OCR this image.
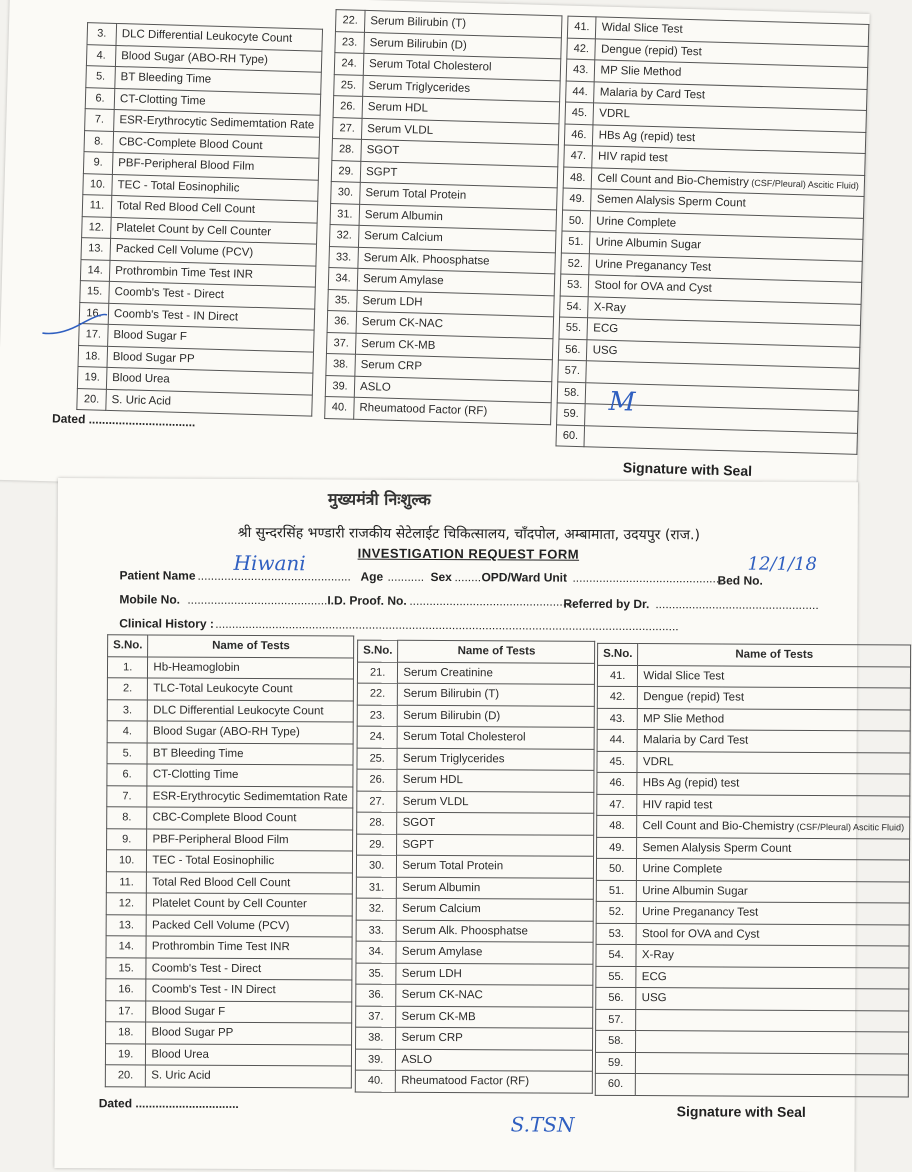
3.	DLC Differential Leukocyte Count
4.	Blood Sugar (ABO-RH Type)
5.	BT Bleeding Time
6.	CT-Clotting Time
7.	ESR-Erythrocytic Sedimemtation Rate
8.	CBC-Complete Blood Count
9.	PBF-Peripheral Blood Film
10.	TEC - Total Eosinophilic
11.	Total Red Blood Cell Count
12.	Platelet Count by Cell Counter
13.	Packed Cell Volume (PCV)
14.	Prothrombin Time Test INR
15.	Coomb's Test - Direct
16.	Coomb's Test - IN Direct
17.	Blood Sugar F
18.	Blood Sugar PP
19.	Blood Urea
20.	S. Uric Acid
22.	Serum Bilirubin (T)
23.	Serum Bilirubin (D)
24.	Serum Total Cholesterol
25.	Serum Triglycerides
26.	Serum HDL
27.	Serum VLDL
28.	SGOT
29.	SGPT
30.	Serum Total Protein
31.	Serum Albumin
32.	Serum Calcium
33.	Serum Alk. Phoosphatse
34.	Serum Amylase
35.	Serum LDH
36.	Serum CK-NAC
37.	Serum CK-MB
38.	Serum CRP
39.	ASLO
40.	Rheumatood Factor (RF)
41.	Widal Slice Test
42.	Dengue (repid) Test
43.	MP Slie Method
44.	Malaria by Card Test
45.	VDRL
46.	HBs Ag (repid) test
47.	HIV rapid test
48.	Cell Count and Bio-Chemistry (CSF/Pleural) Ascitic Fluid)
49.	Semen Alalysis Sperm Count
50.	Urine Complete
51.	Urine Albumin Sugar
52.	Urine Preganancy Test
53.	Stool for OVA and Cyst
54.	X-Ray
55.	ECG
56.	USG
57.	
58.	
59.	
60.	
Dated ................................
Signature with Seal
M
मुख्यमंत्री निःशुल्क
श्री सुन्दरसिंह भण्डारी राजकीय सेटेलाईट चिकित्सालय, चाँदपोल, अम्बामाता, उदयपुर (राज.)
INVESTIGATION REQUEST FORM
Patient Name ..............................................
Hiwani
Age ........... Sex ........ OPD/Ward Unit ..............................................
Bed No.
12/1/18
Mobile No. .......................................... I.D. Proof. No. ..................................................
Referred by Dr. .................................................
Clinical History : ...........................................................................................................................................
S.No.	Name of Tests
1.	Hb-Heamoglobin
2.	TLC-Total Leukocyte Count
3.	DLC Differential Leukocyte Count
4.	Blood Sugar (ABO-RH Type)
5.	BT Bleeding Time
6.	CT-Clotting Time
7.	ESR-Erythrocytic Sedimemtation Rate
8.	CBC-Complete Blood Count
9.	PBF-Peripheral Blood Film
10.	TEC - Total Eosinophilic
11.	Total Red Blood Cell Count
12.	Platelet Count by Cell Counter
13.	Packed Cell Volume (PCV)
14.	Prothrombin Time Test INR
15.	Coomb's Test - Direct
16.	Coomb's Test - IN Direct
17.	Blood Sugar F
18.	Blood Sugar PP
19.	Blood Urea
20.	S. Uric Acid
S.No.	Name of Tests
21.	Serum Creatinine
22.	Serum Bilirubin (T)
23.	Serum Bilirubin (D)
24.	Serum Total Cholesterol
25.	Serum Triglycerides
26.	Serum HDL
27.	Serum VLDL
28.	SGOT
29.	SGPT
30.	Serum Total Protein
31.	Serum Albumin
32.	Serum Calcium
33.	Serum Alk. Phoosphatse
34.	Serum Amylase
35.	Serum LDH
36.	Serum CK-NAC
37.	Serum CK-MB
38.	Serum CRP
39.	ASLO
40.	Rheumatood Factor (RF)
S.No.	Name of Tests
41.	Widal Slice Test
42.	Dengue (repid) Test
43.	MP Slie Method
44.	Malaria by Card Test
45.	VDRL
46.	HBs Ag (repid) test
47.	HIV rapid test
48.	Cell Count and Bio-Chemistry (CSF/Pleural) Ascitic Fluid)
49.	Semen Alalysis Sperm Count
50.	Urine Complete
51.	Urine Albumin Sugar
52.	Urine Preganancy Test
53.	Stool for OVA and Cyst
54.	X-Ray
55.	ECG
56.	USG
57.	
58.	
59.	
60.	
Dated ...............................	Signature with Seal
S.TSN
